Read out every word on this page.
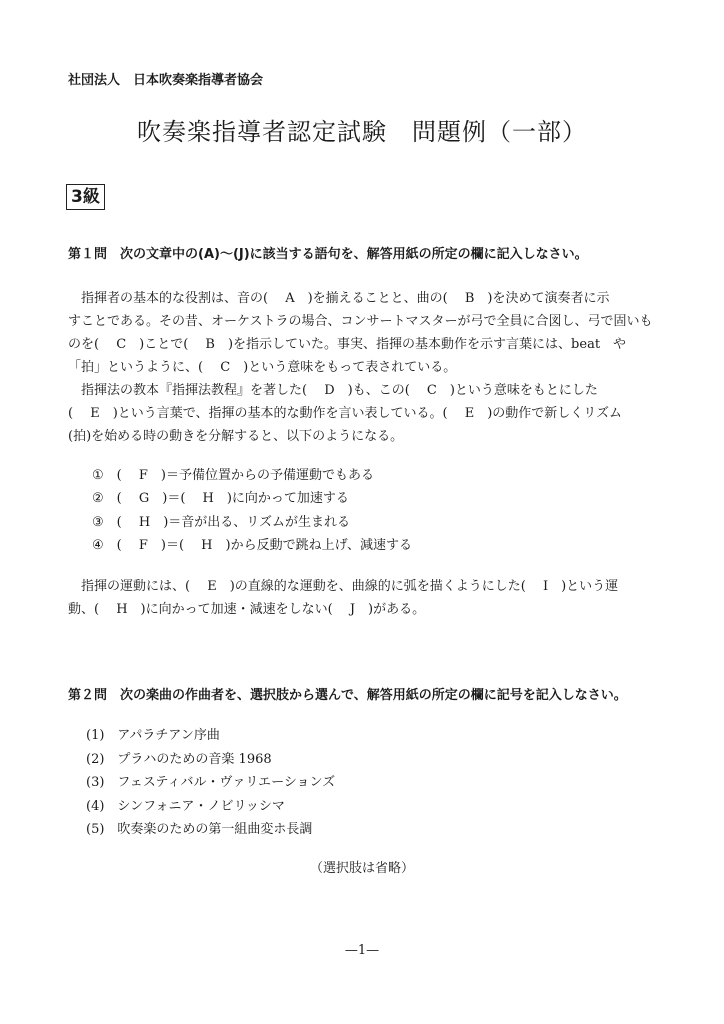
社団法人　日本吹奏楽指導者協会
吹奏楽指導者認定試験　問題例（一部）
3級
第１問　次の文章中の(A)〜(J)に該当する語句を、解答用紙の所定の欄に記入しなさい。
　指揮者の基本的な役割は、音の(　 A　)を揃えることと、曲の(　 B　)を決めて演奏者に示
すことである。その昔、オーケストラの場合、コンサートマスターが弓で全員に合図し、弓で固いも
のを(　 C　)ことで(　 B　)を指示していた。事実、指揮の基本動作を示す言葉には、beat　や
「拍」というように、(　 C　)という意味をもって表されている。
　指揮法の教本『指揮法教程』を著した(　 D　)も、この(　 C　)という意味をもとにした
(　 E　)という言葉で、指揮の基本的な動作を言い表している。(　 E　)の動作で新しくリズム
(拍)を始める時の動きを分解すると、以下のようになる。
①　(　 F　)＝予備位置からの予備運動でもある
②　(　 G　)＝(　 H　)に向かって加速する
③　(　 H　)＝音が出る、リズムが生まれる
④　(　 F　)＝(　 H　)から反動で跳ね上げ、減速する
　指揮の運動には、(　 E　)の直線的な運動を、曲線的に弧を描くようにした(　 I　)という運
動、(　 H　)に向かって加速・減速をしない(　 J　)がある。
第２問　次の楽曲の作曲者を、選択肢から選んで、解答用紙の所定の欄に記号を記入しなさい。
(1)　アパラチアン序曲
(2)　プラハのための音楽 1968
(3)　フェスティバル・ヴァリエーションズ
(4)　シンフォニア・ノビリッシマ
(5)　吹奏楽のための第一組曲変ホ長調
（選択肢は省略）
—1—
